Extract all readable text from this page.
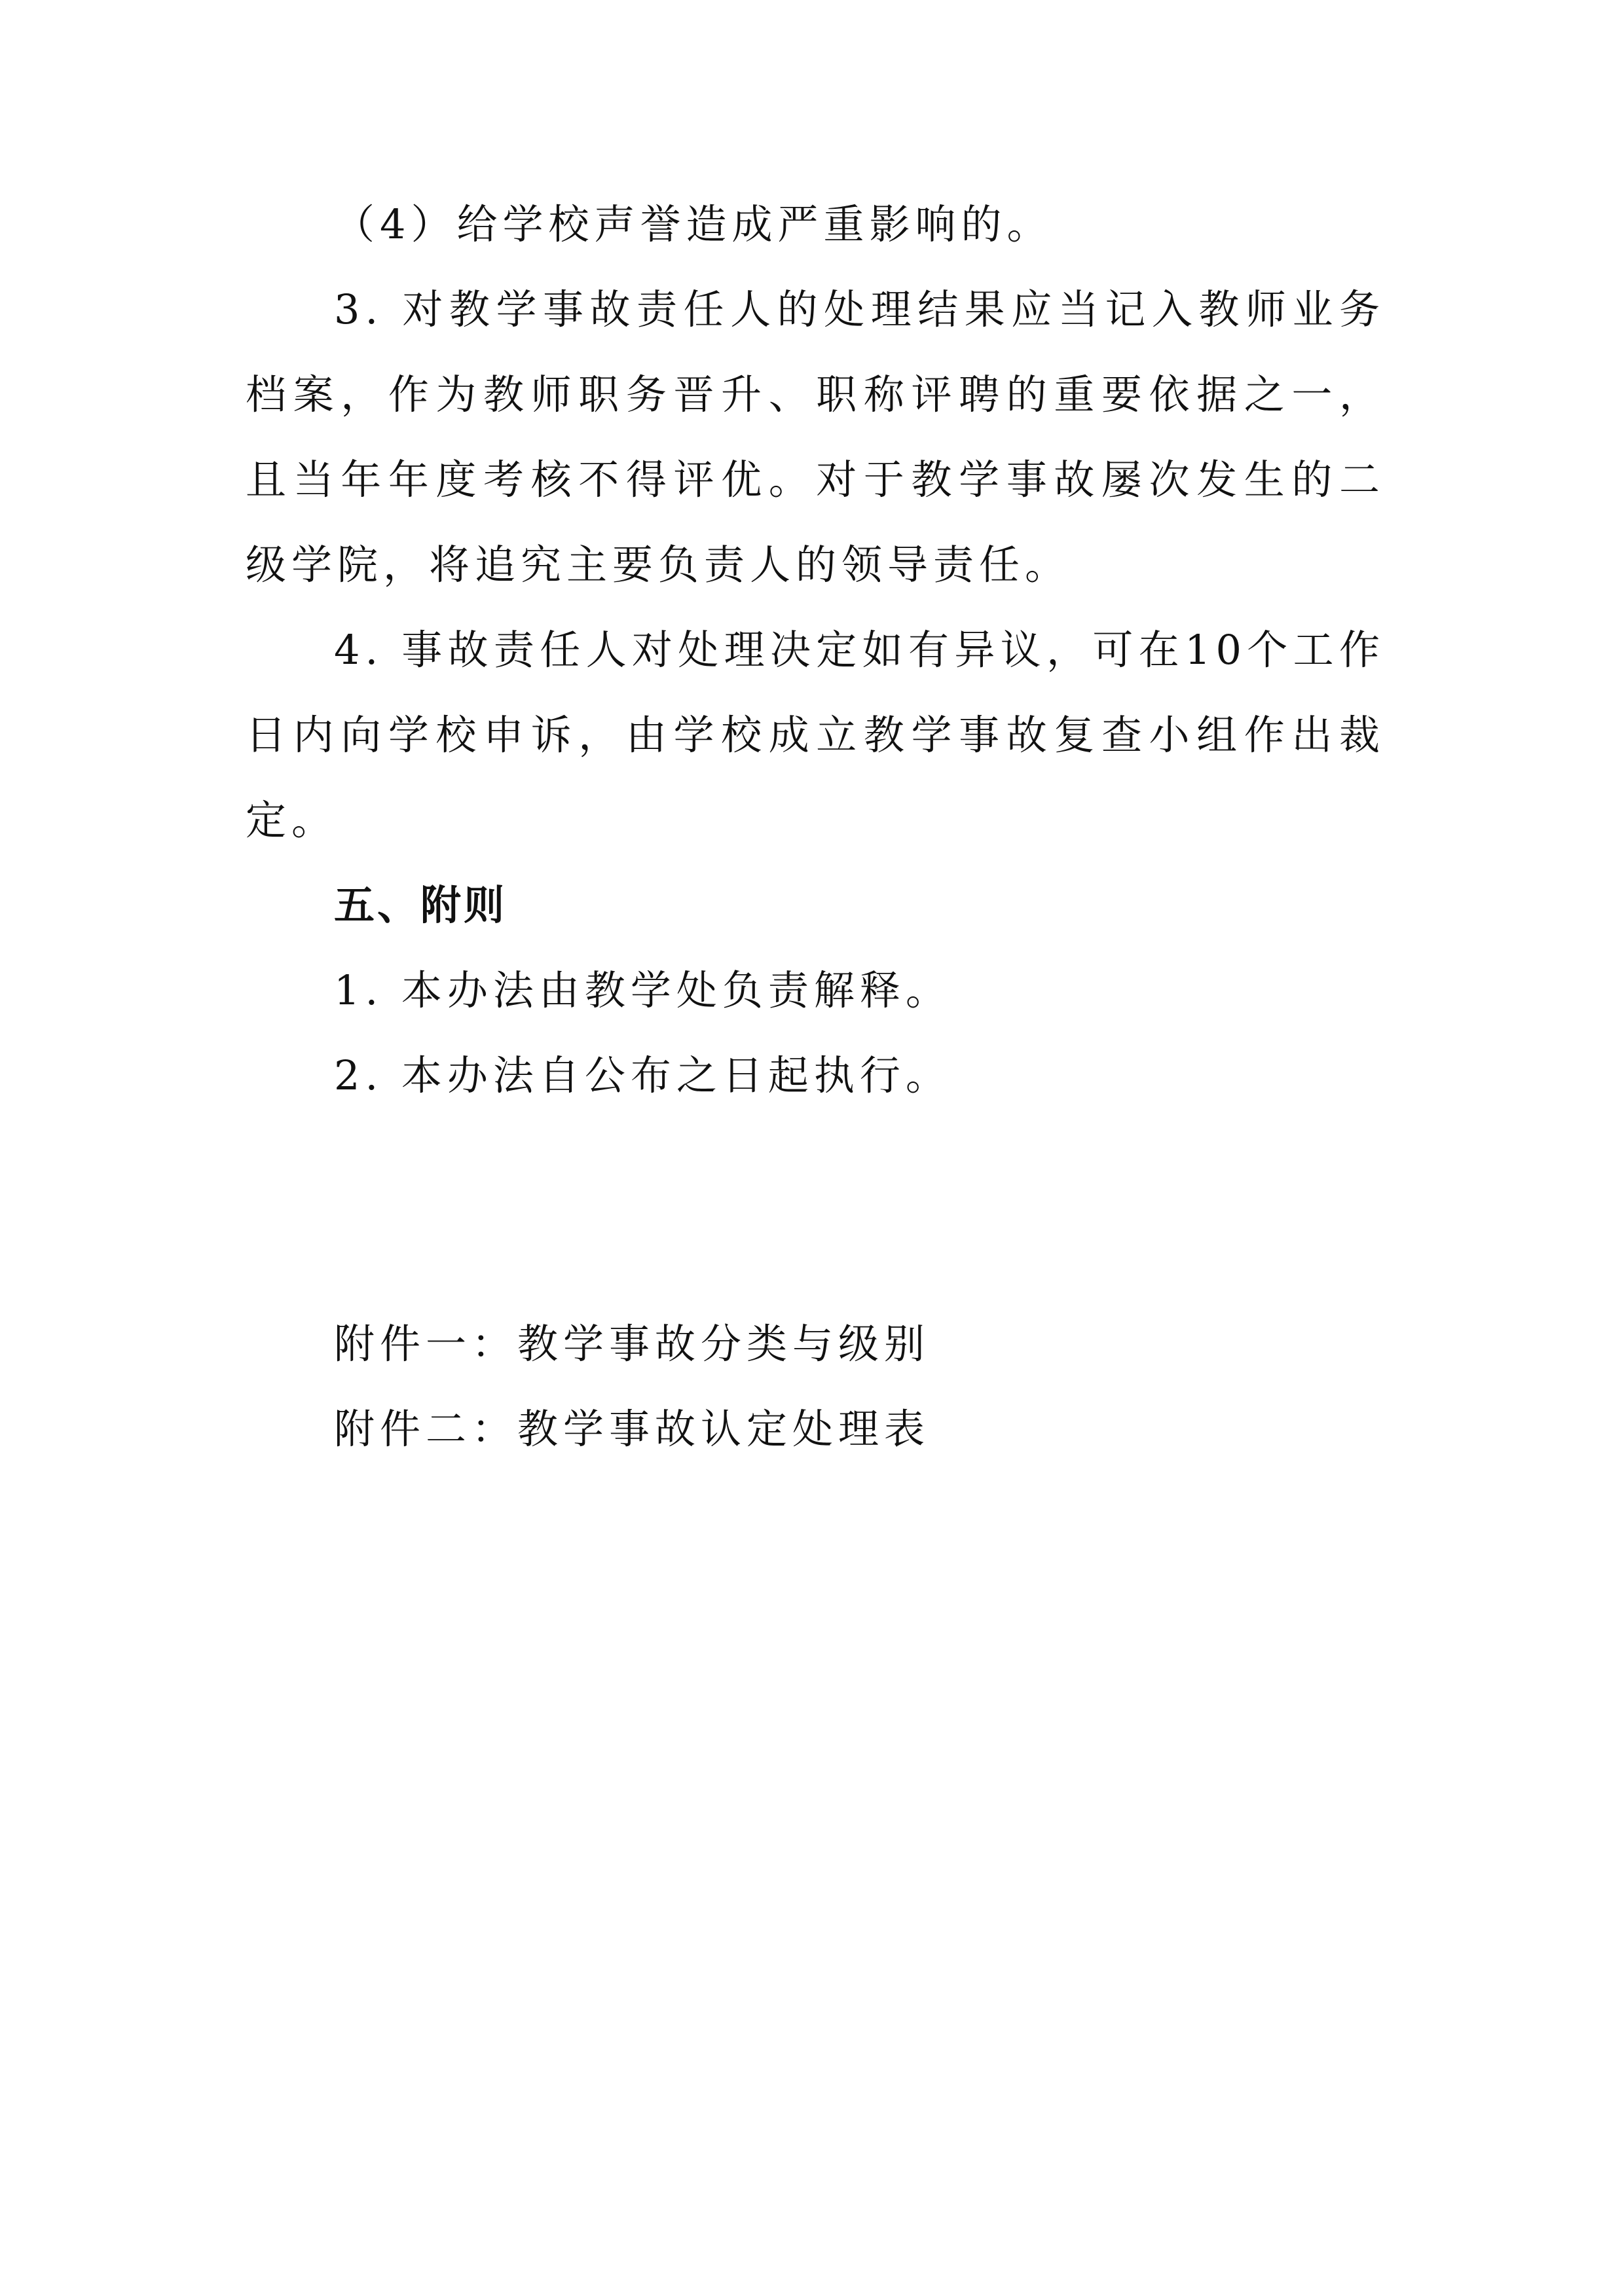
（4）给学校声誉造成严重影响的。

3. 对教学事故责任人的处理结果应当记入教师业务档案，作为教师职务晋升、职称评聘的重要依据之一，且当年年度考核不得评优。对于教学事故屡次发生的二级学院，将追究主要负责人的领导责任。

4. 事故责任人对处理决定如有异议，可在10个工作日内向学校申诉，由学校成立教学事故复查小组作出裁定。

五、附则

1. 本办法由教学处负责解释。

2. 本办法自公布之日起执行。

附件一：教学事故分类与级别

附件二：教学事故认定处理表
